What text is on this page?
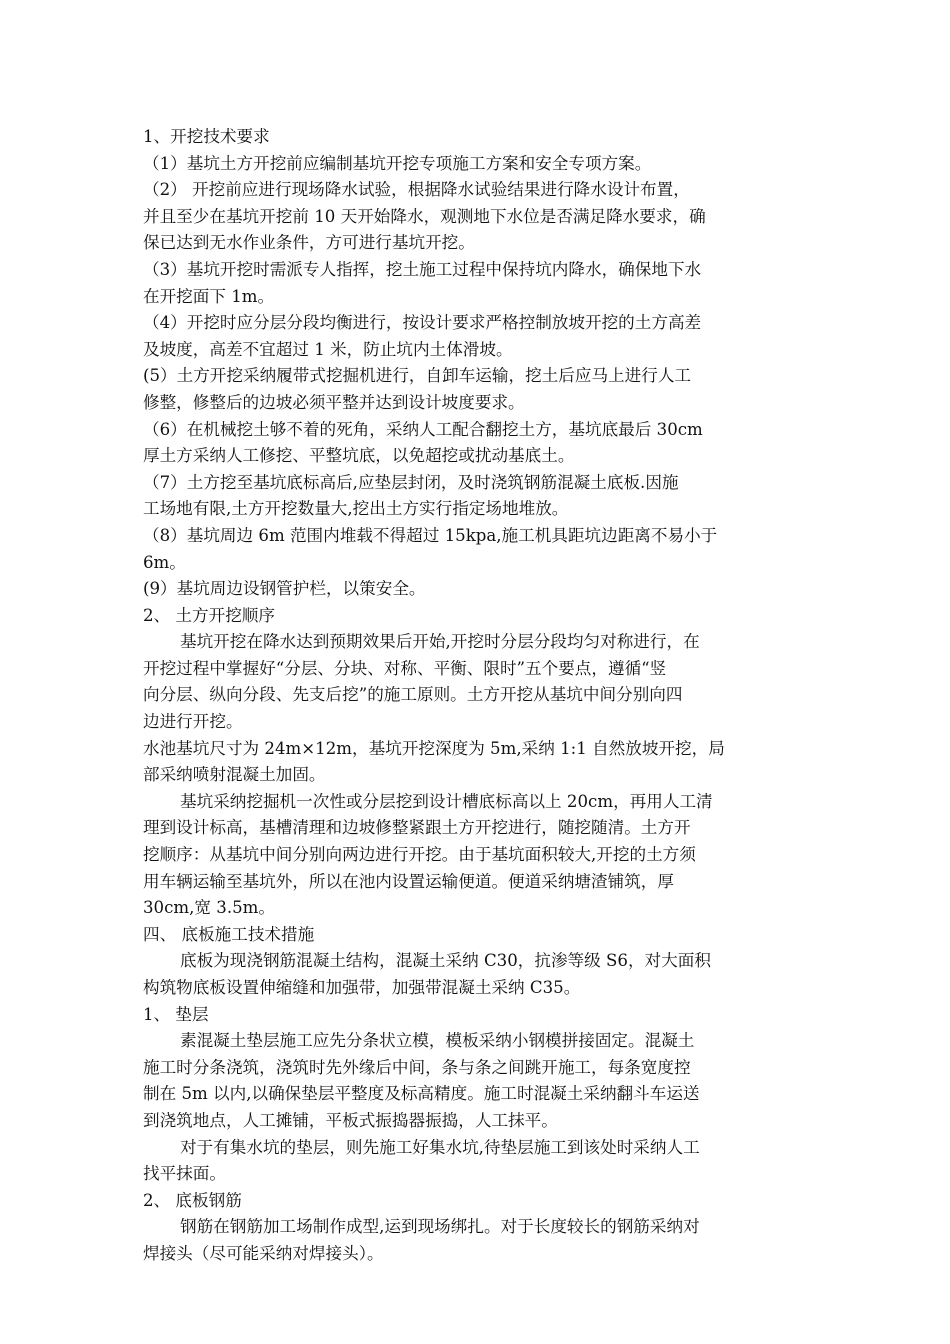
1、开挖技术要求
（1）基坑土方开挖前应编制基坑开挖专项施工方案和安全专项方案。
（2） 开挖前应进行现场降水试验，根据降水试验结果进行降水设计布置，
并且至少在基坑开挖前 10 天开始降水，观测地下水位是否满足降水要求，确
保已达到无水作业条件，方可进行基坑开挖。
（3）基坑开挖时需派专人指挥，挖土施工过程中保持坑内降水，确保地下水
在开挖面下 1m。
（4）开挖时应分层分段均衡进行，按设计要求严格控制放坡开挖的土方高差
及坡度，高差不宜超过 1 米，防止坑内土体滑坡。
(5）土方开挖采纳履带式挖掘机进行，自卸车运输，挖土后应马上进行人工
修整，修整后的边坡必须平整并达到设计坡度要求。
（6）在机械挖土够不着的死角，采纳人工配合翻挖土方，基坑底最后 30cm
厚土方采纳人工修挖、平整坑底，以免超挖或扰动基底土。
（7）土方挖至基坑底标高后,应垫层封闭，及时浇筑钢筋混凝土底板.因施
工场地有限,土方开挖数量大,挖出土方实行指定场地堆放。
（8）基坑周边 6m 范围内堆载不得超过 15kpa,施工机具距坑边距离不易小于
6m。
(9）基坑周边设钢管护栏，以策安全。
2、 土方开挖顺序
基坑开挖在降水达到预期效果后开始,开挖时分层分段均匀对称进行，在
开挖过程中掌握好“分层、分块、对称、平衡、限时”五个要点，遵循“竖
向分层、纵向分段、先支后挖”的施工原则。土方开挖从基坑中间分别向四
边进行开挖。
水池基坑尺寸为 24m×12m，基坑开挖深度为 5m,采纳 1:1 自然放坡开挖，局
部采纳喷射混凝土加固。
基坑采纳挖掘机一次性或分层挖到设计槽底标高以上 20cm，再用人工清
理到设计标高，基槽清理和边坡修整紧跟土方开挖进行，随挖随清。土方开
挖顺序：从基坑中间分别向两边进行开挖。由于基坑面积较大,开挖的土方须
用车辆运输至基坑外，所以在池内设置运输便道。便道采纳塘渣铺筑，厚
30cm,宽 3.5m。
四、 底板施工技术措施
底板为现浇钢筋混凝土结构，混凝土采纳 C30，抗渗等级 S6，对大面积
构筑物底板设置伸缩缝和加强带，加强带混凝土采纳 C35。
1、 垫层
素混凝土垫层施工应先分条状立模，模板采纳小钢模拼接固定。混凝土
施工时分条浇筑，浇筑时先外缘后中间，条与条之间跳开施工，每条宽度控
制在 5m 以内,以确保垫层平整度及标高精度。施工时混凝土采纳翻斗车运送
到浇筑地点，人工摊铺，平板式振捣器振捣，人工抹平。
对于有集水坑的垫层，则先施工好集水坑,待垫层施工到该处时采纳人工
找平抹面。
2、 底板钢筋
钢筋在钢筋加工场制作成型,运到现场绑扎。对于长度较长的钢筋采纳对
焊接头（尽可能采纳对焊接头）。
